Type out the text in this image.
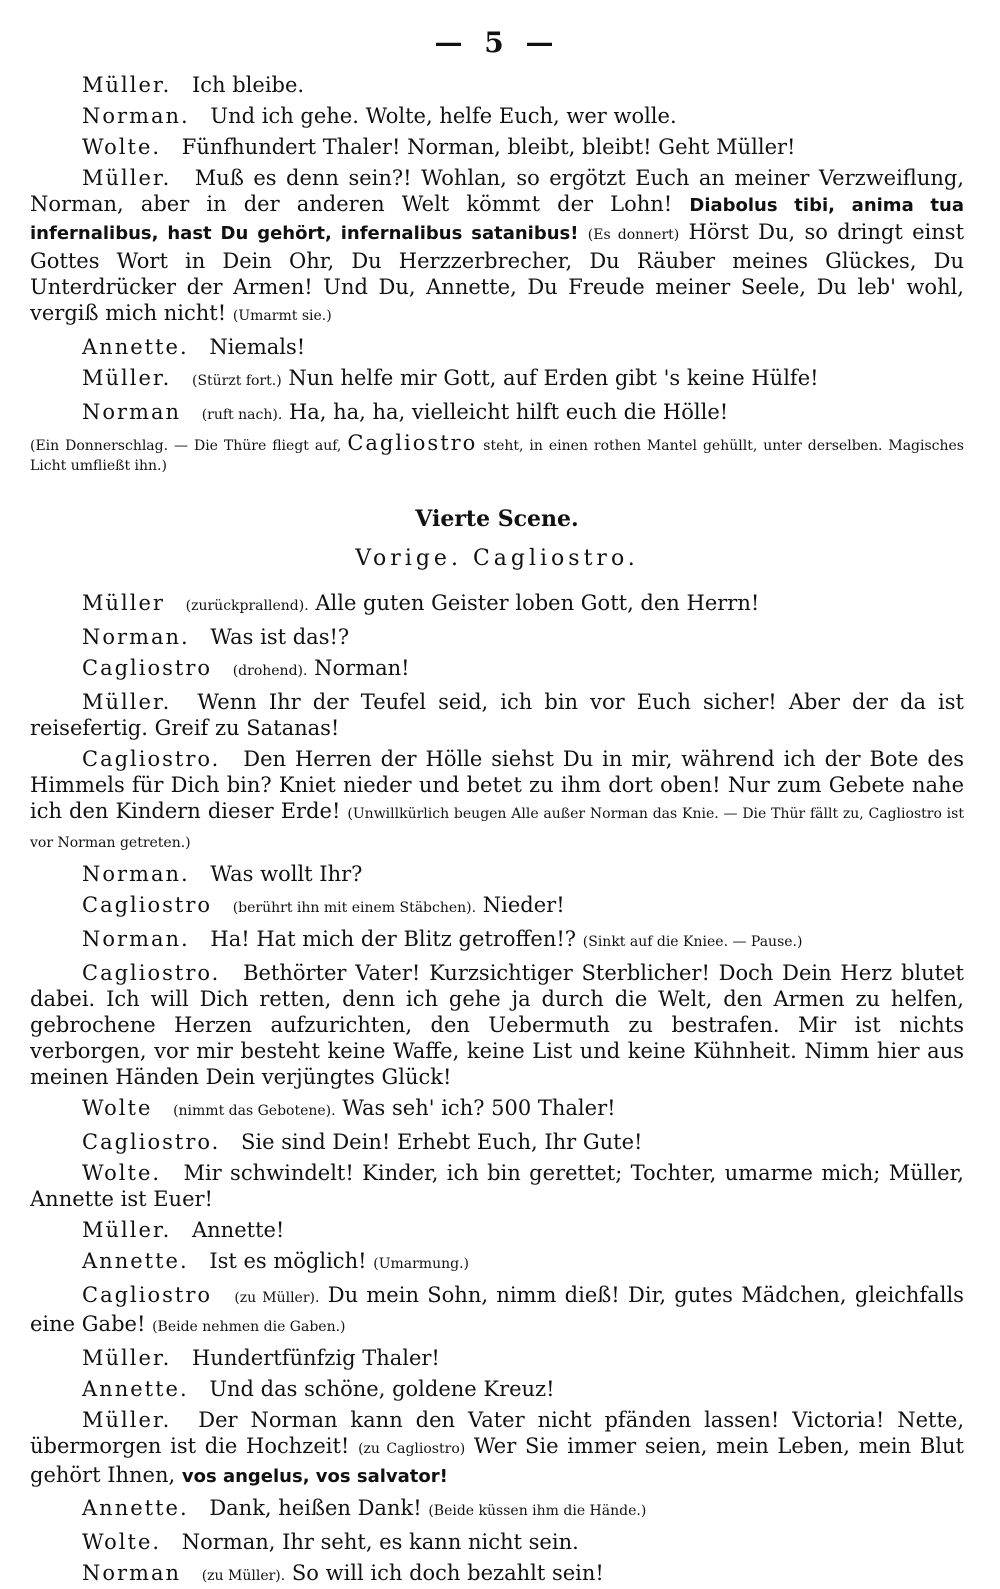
— 5 —
Müller. Ich bleibe.
Norman. Und ich gehe. Wolte, helfe Euch, wer wolle.
Wolte. Fünfhundert Thaler! Norman, bleibt, bleibt! Geht Müller!
Müller. Muß es denn sein?! Wohlan, so ergötzt Euch an meiner Verzweiflung, Norman, aber in der anderen Welt kömmt der Lohn! Diabolus tibi, anima tua infernalibus, hast Du gehört, infernalibus satanibus! (Es donnert) Hörst Du, so dringt einst Gottes Wort in Dein Ohr, Du Herzzerbrecher, Du Räuber meines Glückes, Du Unterdrücker der Armen! Und Du, Annette, Du Freude meiner Seele, Du leb' wohl, vergiß mich nicht! (Umarmt sie.)
Annette. Niemals!
Müller. (Stürzt fort.) Nun helfe mir Gott, auf Erden gibt 's keine Hülfe!
Norman (ruft nach). Ha, ha, ha, vielleicht hilft euch die Hölle!
(Ein Donnerschlag. — Die Thüre fliegt auf, Cagliostro steht, in einen rothen Mantel gehüllt, unter derselben. Magisches Licht umfließt ihn.)
Vierte Scene.
Vorige. Cagliostro.
Müller (zurückprallend). Alle guten Geister loben Gott, den Herrn!
Norman. Was ist das!?
Cagliostro (drohend). Norman!
Müller. Wenn Ihr der Teufel seid, ich bin vor Euch sicher! Aber der da ist reisefertig. Greif zu Satanas!
Cagliostro. Den Herren der Hölle siehst Du in mir, während ich der Bote des Himmels für Dich bin? Kniet nieder und betet zu ihm dort oben! Nur zum Gebete nahe ich den Kindern dieser Erde! (Unwillkürlich beugen Alle außer Norman das Knie. — Die Thür fällt zu, Cagliostro ist vor Norman getreten.)
Norman. Was wollt Ihr?
Cagliostro (berührt ihn mit einem Stäbchen). Nieder!
Norman. Ha! Hat mich der Blitz getroffen!? (Sinkt auf die Kniee. — Pause.)
Cagliostro. Bethörter Vater! Kurzsichtiger Sterblicher! Doch Dein Herz blutet dabei. Ich will Dich retten, denn ich gehe ja durch die Welt, den Armen zu helfen, gebrochene Herzen aufzurichten, den Uebermuth zu bestrafen. Mir ist nichts verborgen, vor mir besteht keine Waffe, keine List und keine Kühnheit. Nimm hier aus meinen Händen Dein verjüngtes Glück!
Wolte (nimmt das Gebotene). Was seh' ich? 500 Thaler!
Cagliostro. Sie sind Dein! Erhebt Euch, Ihr Gute!
Wolte. Mir schwindelt! Kinder, ich bin gerettet; Tochter, umarme mich; Müller, Annette ist Euer!
Müller. Annette!
Annette. Ist es möglich! (Umarmung.)
Cagliostro (zu Müller). Du mein Sohn, nimm dieß! Dir, gutes Mädchen, gleichfalls eine Gabe! (Beide nehmen die Gaben.)
Müller. Hundertfünfzig Thaler!
Annette. Und das schöne, goldene Kreuz!
Müller. Der Norman kann den Vater nicht pfänden lassen! Victoria! Nette, übermorgen ist die Hochzeit! (zu Cagliostro) Wer Sie immer seien, mein Leben, mein Blut gehört Ihnen, vos angelus, vos salvator!
Annette. Dank, heißen Dank! (Beide küssen ihm die Hände.)
Wolte. Norman, Ihr seht, es kann nicht sein.
Norman (zu Müller). So will ich doch bezahlt sein!
